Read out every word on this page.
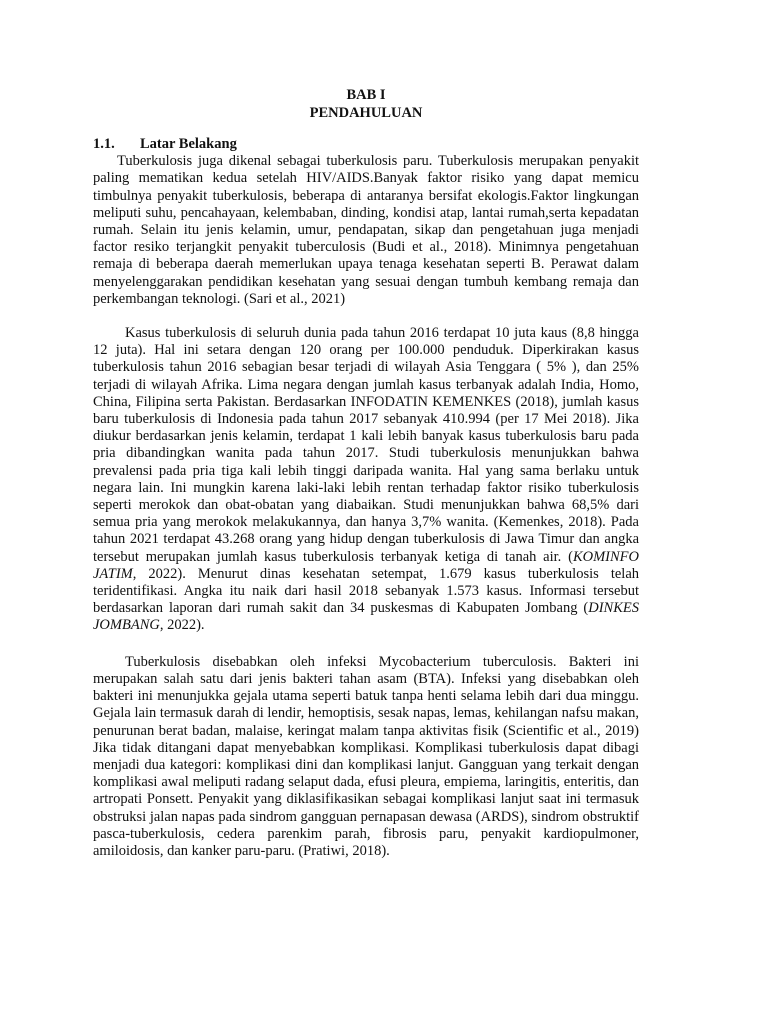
BAB I
PENDAHULUAN
1.1.	Latar Belakang

Tuberkulosis juga dikenal sebagai tuberkulosis paru. Tuberkulosis merupakan penyakit paling mematikan kedua setelah HIV/AIDS.Banyak faktor risiko yang dapat memicu timbulnya penyakit tuberkulosis, beberapa di antaranya bersifat ekologis.Faktor lingkungan meliputi suhu, pencahayaan, kelembaban, dinding, kondisi atap, lantai rumah,serta kepadatan rumah. Selain itu jenis kelamin, umur, pendapatan, sikap dan pengetahuan juga menjadi factor resiko terjangkit penyakit tuberculosis (Budi et al., 2018). Minimnya pengetahuan remaja di beberapa daerah memerlukan upaya tenaga kesehatan seperti B. Perawat dalam menyelenggarakan pendidikan kesehatan yang sesuai dengan tumbuh kembang remaja dan perkembangan teknologi. (Sari et al., 2021)

Kasus tuberkulosis di seluruh dunia pada tahun 2016 terdapat 10 juta kaus (8,8 hingga 12 juta). Hal ini setara dengan 120 orang per 100.000 penduduk. Diperkirakan kasus tuberkulosis tahun 2016 sebagian besar terjadi di wilayah Asia Tenggara ( 5% ), dan 25% terjadi di wilayah Afrika. Lima negara dengan jumlah kasus terbanyak adalah India, Homo, China, Filipina serta Pakistan. Berdasarkan INFODATIN KEMENKES (2018), jumlah kasus baru tuberkulosis di Indonesia pada tahun 2017 sebanyak 410.994 (per 17 Mei 2018). Jika diukur berdasarkan jenis kelamin, terdapat 1 kali lebih banyak kasus tuberkulosis baru pada pria dibandingkan wanita pada tahun 2017. Studi tuberkulosis menunjukkan bahwa prevalensi pada pria tiga kali lebih tinggi daripada wanita. Hal yang sama berlaku untuk negara lain. Ini mungkin karena laki-laki lebih rentan terhadap faktor risiko tuberkulosis seperti merokok dan obat-obatan yang diabaikan. Studi menunjukkan bahwa 68,5% dari semua pria yang merokok melakukannya, dan hanya 3,7% wanita. (Kemenkes, 2018). Pada tahun 2021 terdapat 43.268 orang yang hidup dengan tuberkulosis di Jawa Timur dan angka tersebut merupakan jumlah kasus tuberkulosis terbanyak ketiga di tanah air. (KOMINFO JATIM, 2022). Menurut dinas kesehatan setempat, 1.679 kasus tuberkulosis telah teridentifikasi. Angka itu naik dari hasil 2018 sebanyak 1.573 kasus. Informasi tersebut berdasarkan laporan dari rumah sakit dan 34 puskesmas di Kabupaten Jombang (DINKES JOMBANG, 2022).

Tuberkulosis disebabkan oleh infeksi Mycobacterium tuberculosis. Bakteri ini merupakan salah satu dari jenis bakteri tahan asam (BTA). Infeksi yang disebabkan oleh bakteri ini menunjukka gejala utama seperti batuk tanpa henti selama lebih dari dua minggu. Gejala lain termasuk darah di lendir, hemoptisis, sesak napas, lemas, kehilangan nafsu makan, penurunan berat badan, malaise, keringat malam tanpa aktivitas fisik (Scientific et al., 2019) Jika tidak ditangani dapat menyebabkan komplikasi. Komplikasi tuberkulosis dapat dibagi menjadi dua kategori: komplikasi dini dan komplikasi lanjut. Gangguan yang terkait dengan komplikasi awal meliputi radang selaput dada, efusi pleura, empiema, laringitis, enteritis, dan artropati Ponsett. Penyakit yang diklasifikasikan sebagai komplikasi lanjut saat ini termasuk obstruksi jalan napas pada sindrom gangguan pernapasan dewasa (ARDS), sindrom obstruktif pasca-tuberkulosis, cedera parenkim parah, fibrosis paru, penyakit kardiopulmoner, amiloidosis, dan kanker paru-paru. (Pratiwi, 2018).
